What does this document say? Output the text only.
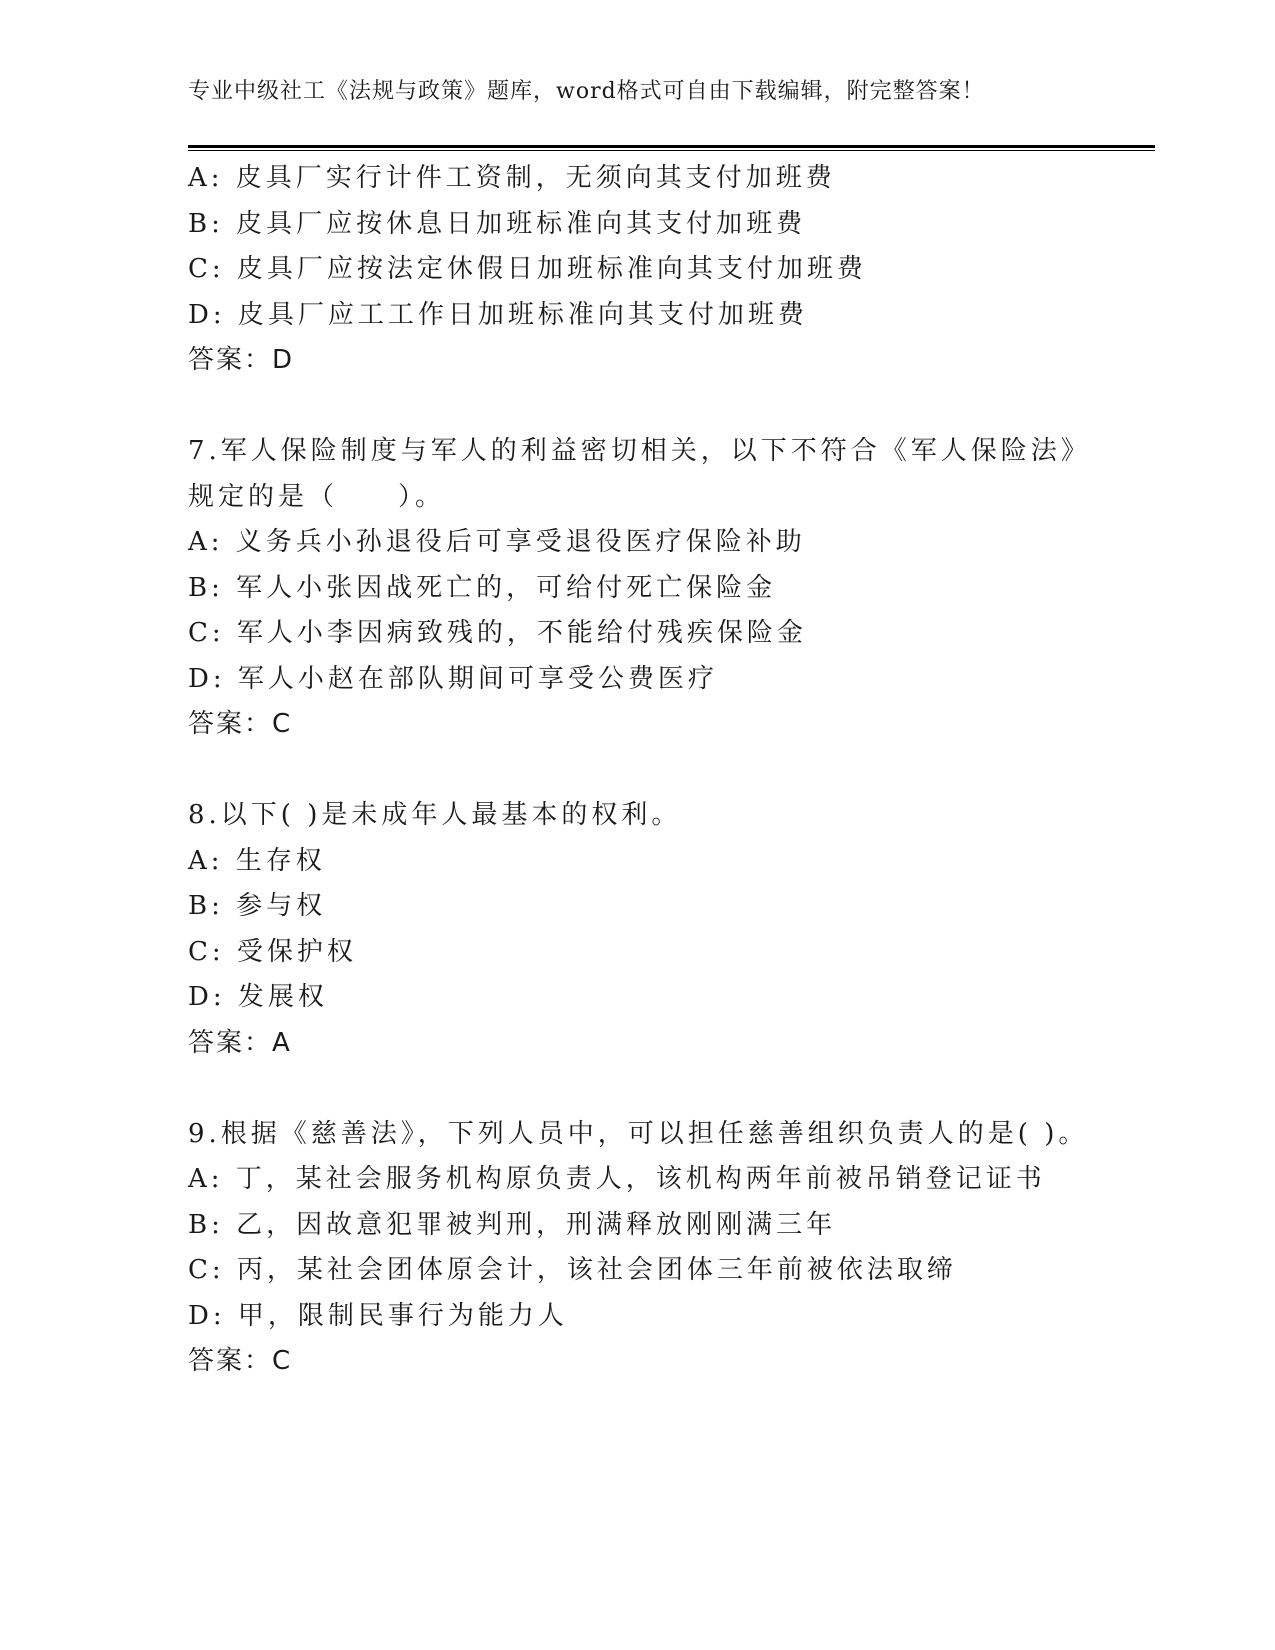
专业中级社工《法规与政策》题库，word格式可自由下载编辑，附完整答案！
A: 皮具厂实行计件工资制，无须向其支付加班费
B: 皮具厂应按休息日加班标准向其支付加班费
C: 皮具厂应按法定休假日加班标准向其支付加班费
D: 皮具厂应工工作日加班标准向其支付加班费
答案：D
7.军人保险制度与军人的利益密切相关，以下不符合《军人保险法》
规定的是（　　）。
A: 义务兵小孙退役后可享受退役医疗保险补助
B: 军人小张因战死亡的，可给付死亡保险金
C: 军人小李因病致残的，不能给付残疾保险金
D: 军人小赵在部队期间可享受公费医疗
答案：C
8.以下( )是未成年人最基本的权利。
A: 生存权
B: 参与权
C: 受保护权
D: 发展权
答案：A
9.根据《慈善法》，下列人员中，可以担任慈善组织负责人的是( )。
A: 丁，某社会服务机构原负责人，该机构两年前被吊销登记证书
B: 乙，因故意犯罪被判刑，刑满释放刚刚满三年
C: 丙，某社会团体原会计，该社会团体三年前被依法取缔
D: 甲，限制民事行为能力人
答案：C
